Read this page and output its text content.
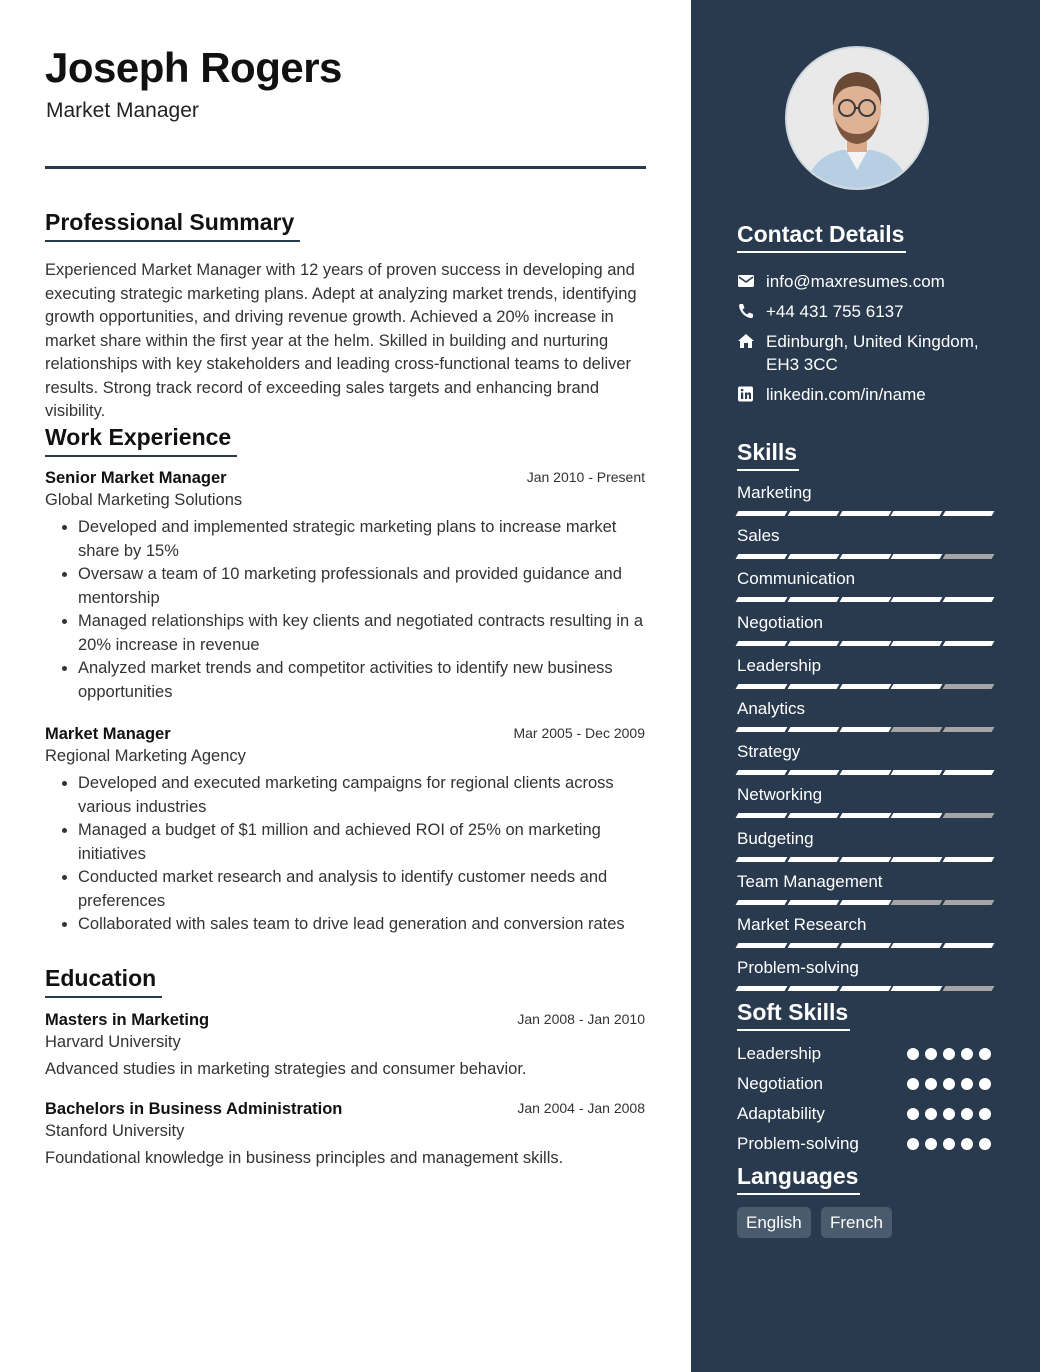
Joseph Rogers
Market Manager
Professional Summary
Experienced Market Manager with 12 years of proven success in developing and executing strategic marketing plans. Adept at analyzing market trends, identifying growth opportunities, and driving revenue growth. Achieved a 20% increase in market share within the first year at the helm. Skilled in building and nurturing relationships with key stakeholders and leading cross-functional teams to deliver results. Strong track record of exceeding sales targets and enhancing brand visibility.
Work Experience
Senior Market Manager	Jan 2010 - Present
Global Marketing Solutions
• Developed and implemented strategic marketing plans to increase market share by 15%
• Oversaw a team of 10 marketing professionals and provided guidance and mentorship
• Managed relationships with key clients and negotiated contracts resulting in a 20% increase in revenue
• Analyzed market trends and competitor activities to identify new business opportunities
Market Manager	Mar 2005 - Dec 2009
Regional Marketing Agency
• Developed and executed marketing campaigns for regional clients across various industries
• Managed a budget of $1 million and achieved ROI of 25% on marketing initiatives
• Conducted market research and analysis to identify customer needs and preferences
• Collaborated with sales team to drive lead generation and conversion rates
Education
Masters in Marketing	Jan 2008 - Jan 2010
Harvard University
Advanced studies in marketing strategies and consumer behavior.
Bachelors in Business Administration	Jan 2004 - Jan 2008
Stanford University
Foundational knowledge in business principles and management skills.
Contact Details
info@maxresumes.com
+44 431 755 6137
Edinburgh, United Kingdom,
EH3 3CC
linkedin.com/in/name
Skills
Marketing
Sales
Communication
Negotiation
Leadership
Analytics
Strategy
Networking
Budgeting
Team Management
Market Research
Problem-solving
Soft Skills
Leadership
Negotiation
Adaptability
Problem-solving
Languages
English	French
